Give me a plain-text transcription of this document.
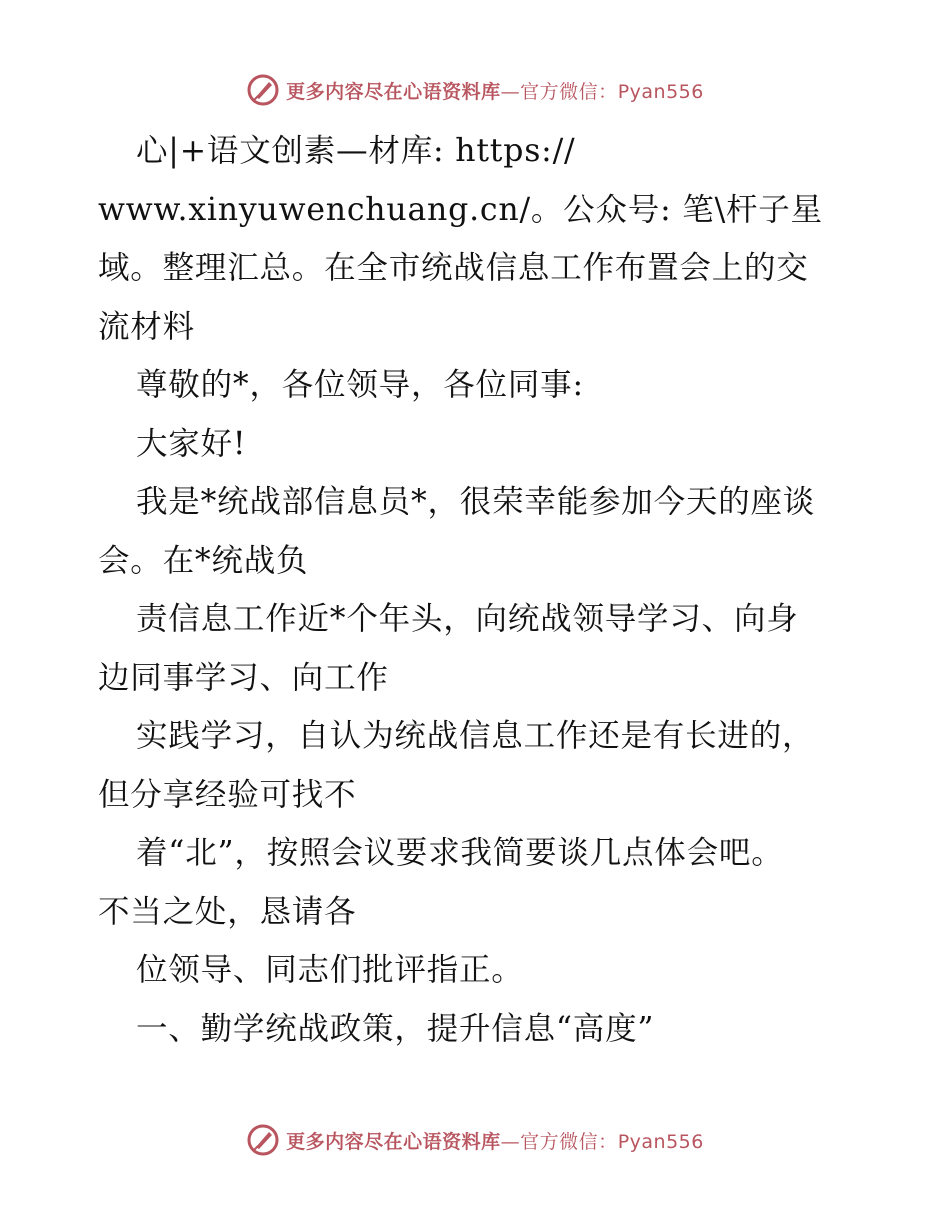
更多内容尽在心语资料库—官方微信：Pyan556
心|+语文创素—材库: https://
www.xinyuwenchuang.cn/。公众号: 笔\杆子星
域。整理汇总。在全市统战信息工作布置会上的交
流材料
尊敬的*，各位领导，各位同事:
大家好!
我是*统战部信息员*，很荣幸能参加今天的座谈
会。在*统战负
责信息工作近*个年头，向统战领导学习、向身
边同事学习、向工作
实践学习，自认为统战信息工作还是有长进的，
但分享经验可找不
着“北”，按照会议要求我简要谈几点体会吧。
不当之处，恳请各
位领导、同志们批评指正。
一、勤学统战政策，提升信息“高度”
更多内容尽在心语资料库—官方微信：Pyan556
